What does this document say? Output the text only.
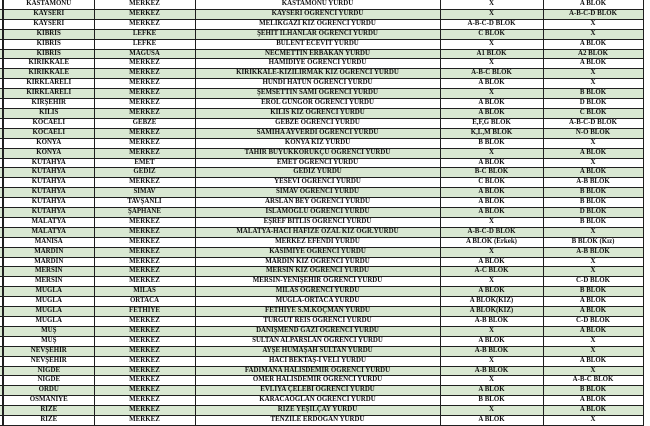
	KASTAMONU	MERKEZ	KASTAMONU YURDU	X	A BLOK
	KAYSERİ	MERKEZ	KAYSERİ ÖĞRENCİ YURDU	X	A-B-C-D BLOK
	KAYSERİ	MERKEZ	MELİKGAZİ KIZ ÖĞRENCİ YURDU	A-B-C-D BLOK	X
	KIBRIS	LEFKE	ŞEHİT İLHANLAR ÖĞRENCİ YURDU	C BLOK	X
	KIBRIS	LEFKE	BÜLENT ECEVİT YURDU	X	A BLOK
	KIBRIS	MAGUSA	NECMETTİN ERBAKAN YURDU	A1 BLOK	A2 BLOK
	KIRIKKALE	MERKEZ	HAMİDİYE ÖĞRENCİ YURDU	X	A BLOK
	KIRIKKALE	MERKEZ	KIRIKKALE-KIZILIRMAK KIZ ÖĞRENCİ YURDU	A-B-C BLOK	X
	KIRKLARELİ	MERKEZ	HUNDİ HATUN ÖĞRENCİ YURDU	A BLOK	X
	KIRKLARELİ	MERKEZ	ŞEMSETTİN SAMİ ÖĞRENCİ YURDU	X	B BLOK
	KIRŞEHİR	MERKEZ	EROL GÜNGÖR ÖĞRENCİ YURDU	A BLOK	D BLOK
	KİLİS	MERKEZ	KİLİS KIZ ÖĞRENCİ YURDU	A BLOK	C BLOK
	KOCAELİ	GEBZE	GEBZE ÖĞRENCİ YURDU	E,F,G BLOK	A-B-C-D BLOK
	KOCAELİ	MERKEZ	SAMİHA AYVERDİ ÖĞRENCİ YURDU	K,L,M BLOK	N-O BLOK
	KONYA	MERKEZ	KONYA KIZ YURDU	B BLOK	X
	KONYA	MERKEZ	TAHİR BÜYÜKKÖRÜKÇÜ ÖĞRENCİ YURDU	X	A BLOK
	KÜTAHYA	EMET	EMET ÖĞRENCİ YURDU	A BLOK	X
	KÜTAHYA	GEDİZ	GEDİZ YURDU	B-C BLOK	A BLOK
	KÜTAHYA	MERKEZ	YESEVİ ÖĞRENCİ YURDU	C BLOK	A-B BLOK
	KÜTAHYA	SİMAV	SİMAV ÖĞRENCİ YURDU	A BLOK	B BLOK
	KÜTAHYA	TAVŞANLI	ARSLAN BEY ÖĞRENCİ YURDU	A BLOK	B BLOK
	KÜTAHYA	ŞAPHANE	İSLAMOĞLU ÖĞRENCİ YURDU	A BLOK	D BLOK
	MALATYA	MERKEZ	EŞREF BİTLİS ÖĞRENCİ YURDU	X	B BLOK
	MALATYA	MERKEZ	MALATYA-HACI HAFİZE ÖZAL KIZ ÖĞR.YURDU	A-B-C-D BLOK	X
	MANİSA	MERKEZ	MERKEZ EFENDİ YURDU	A BLOK (Erkek)	B BLOK (Kız)
	MARDİN	MERKEZ	KASIMİYE ÖĞRENCİ YURDU	X	A-B BLOK
	MARDİN	MERKEZ	MARDİN KIZ ÖĞRENCİ YURDU	A BLOK	X
	MERSİN	MERKEZ	MERSİN KIZ ÖĞRENCİ YURDU	A-C BLOK	X
	MERSİN	MERKEZ	MERSİN-YENİŞEHİR ÖĞRENCİ YURDU	X	C-D BLOK
	MUĞLA	MİLAS	MİLAS ÖĞRENCİ YURDU	A BLOK	B BLOK
	MUĞLA	ORTACA	MUĞLA-ORTACA YURDU	A BLOK(KIZ)	A BLOK
	MUĞLA	FETHİYE	FETHİYE S.M.KOÇMAN YURDU	A BLOK(KIZ)	A BLOK
	MUĞLA	MERKEZ	TURGUT REİS ÖĞRENCİ YURDU	A-B BLOK	C-D BLOK
	MUŞ	MERKEZ	DANİŞMEND GAZİ ÖĞRENCİ YURDU	X	A BLOK
	MUŞ	MERKEZ	SULTAN ALPARSLAN ÖĞRENCİ YURDU	A BLOK	X
	NEVŞEHİR	MERKEZ	AYŞE HÜMAŞAH SULTAN YURDU	A-B BLOK	X
	NEVŞEHİR	MERKEZ	HACI BEKTAŞ-I VELİ YURDU	X	A BLOK
	NİĞDE	MERKEZ	FADİMANA HALİSDEMİR ÖĞRENCİ YURDU	A-B BLOK	X
	NİĞDE	MERKEZ	ÖMER HALİSDEMİR ÖĞRENCİ YURDU	X	A-B-C BLOK
	ORDU	MERKEZ	EVLİYA ÇELEBİ ÖĞRENCİ YURDU	A BLOK	B BLOK
	OSMANİYE	MERKEZ	KARACAOĞLAN ÖĞRENCİ YURDU	B BLOK	A BLOK
	RİZE	MERKEZ	RİZE YEŞİLÇAY YURDU	X	A BLOK
	RİZE	MERKEZ	TENZİLE ERDOĞAN YURDU	A BLOK	X
